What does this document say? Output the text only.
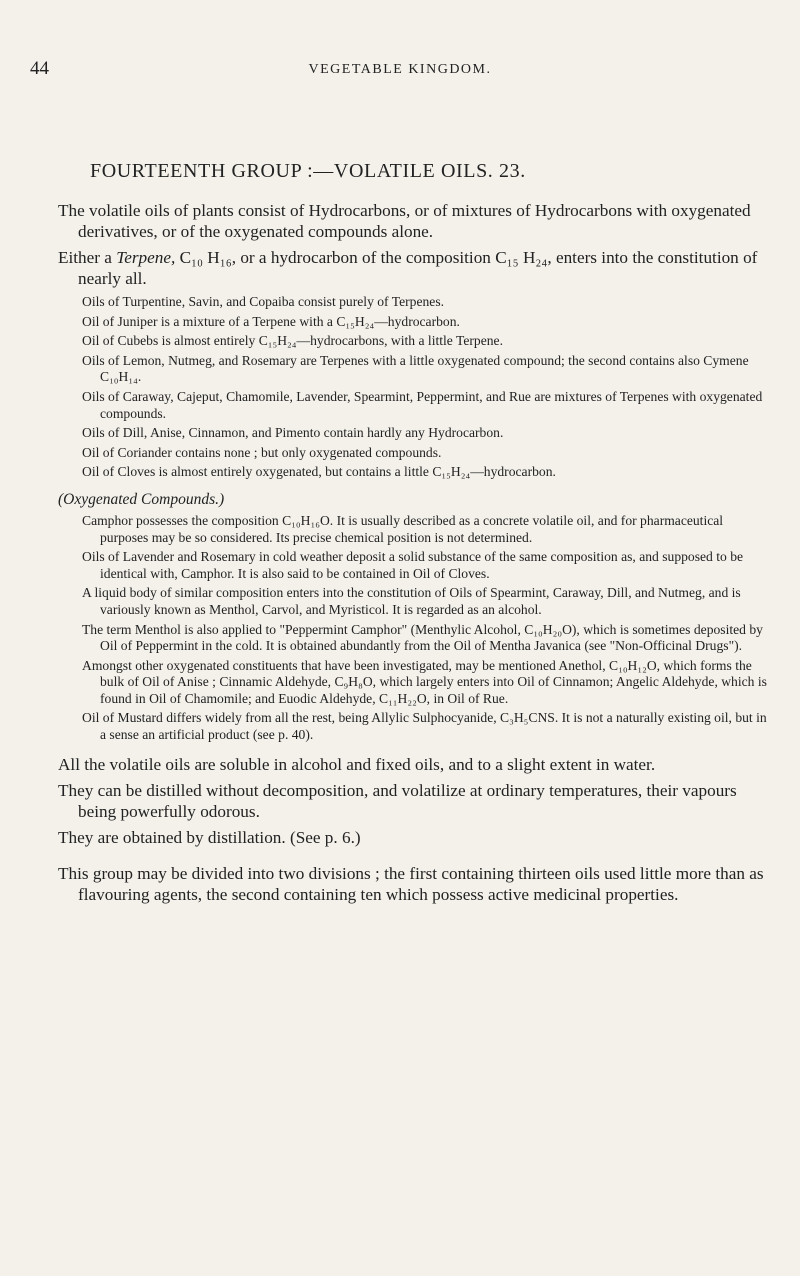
44	VEGETABLE KINGDOM.
FOURTEENTH GROUP :—VOLATILE OILS. 23.

The volatile oils of plants consist of Hydrocarbons, or of mixtures of Hydrocarbons with oxygenated derivatives, or of the oxygenated compounds alone.

Either a Terpene, C₁₀ H₁₆, or a hydrocarbon of the composition C₁₅ H₂₄, enters into the constitution of nearly all.

Oils of Turpentine, Savin, and Copaiba consist purely of Terpenes.

Oil of Juniper is a mixture of a Terpene with a C₁₅H₂₄—hydrocarbon.

Oil of Cubebs is almost entirely C₁₅H₂₄—hydrocarbons, with a little Terpene.

Oils of Lemon, Nutmeg, and Rosemary are Terpenes with a little oxygenated compound; the second contains also Cymene C₁₀H₁₄.

Oils of Caraway, Cajeput, Chamomile, Lavender, Spearmint, Peppermint, and Rue are mixtures of Terpenes with oxygenated compounds.

Oils of Dill, Anise, Cinnamon, and Pimento contain hardly any Hydrocarbon.

Oil of Coriander contains none ; but only oxygenated compounds.

Oil of Cloves is almost entirely oxygenated, but contains a little C₁₅H₂₄—hydrocarbon.

(Oxygenated Compounds.)

Camphor possesses the composition C₁₀H₁₆O. It is usually described as a concrete volatile oil, and for pharmaceutical purposes may be so considered. Its precise chemical position is not determined.

Oils of Lavender and Rosemary in cold weather deposit a solid substance of the same composition as, and supposed to be identical with, Camphor. It is also said to be contained in Oil of Cloves.

A liquid body of similar composition enters into the constitution of Oils of Spearmint, Caraway, Dill, and Nutmeg, and is variously known as Menthol, Carvol, and Myristicol. It is regarded as an alcohol.

The term Menthol is also applied to "Peppermint Camphor" (Menthylic Alcohol, C₁₀H₂₀O), which is sometimes deposited by Oil of Peppermint in the cold. It is obtained abundantly from the Oil of Mentha Javanica (see "Non-Officinal Drugs").

Amongst other oxygenated constituents that have been investigated, may be mentioned Anethol, C₁₀H₁₂O, which forms the bulk of Oil of Anise ; Cinnamic Aldehyde, C₉H₈O, which largely enters into Oil of Cinnamon; Angelic Aldehyde, which is found in Oil of Chamomile; and Euodic Aldehyde, C₁₁H₂₂O, in Oil of Rue.

Oil of Mustard differs widely from all the rest, being Allylic Sulphocyanide, C₃H₅CNS. It is not a naturally existing oil, but in a sense an artificial product (see p. 40).

All the volatile oils are soluble in alcohol and fixed oils, and to a slight extent in water.

They can be distilled without decomposition, and volatilize at ordinary temperatures, their vapours being powerfully odorous.

They are obtained by distillation. (See p. 6.)

This group may be divided into two divisions ; the first containing thirteen oils used little more than as flavouring agents, the second containing ten which possess active medicinal properties.
